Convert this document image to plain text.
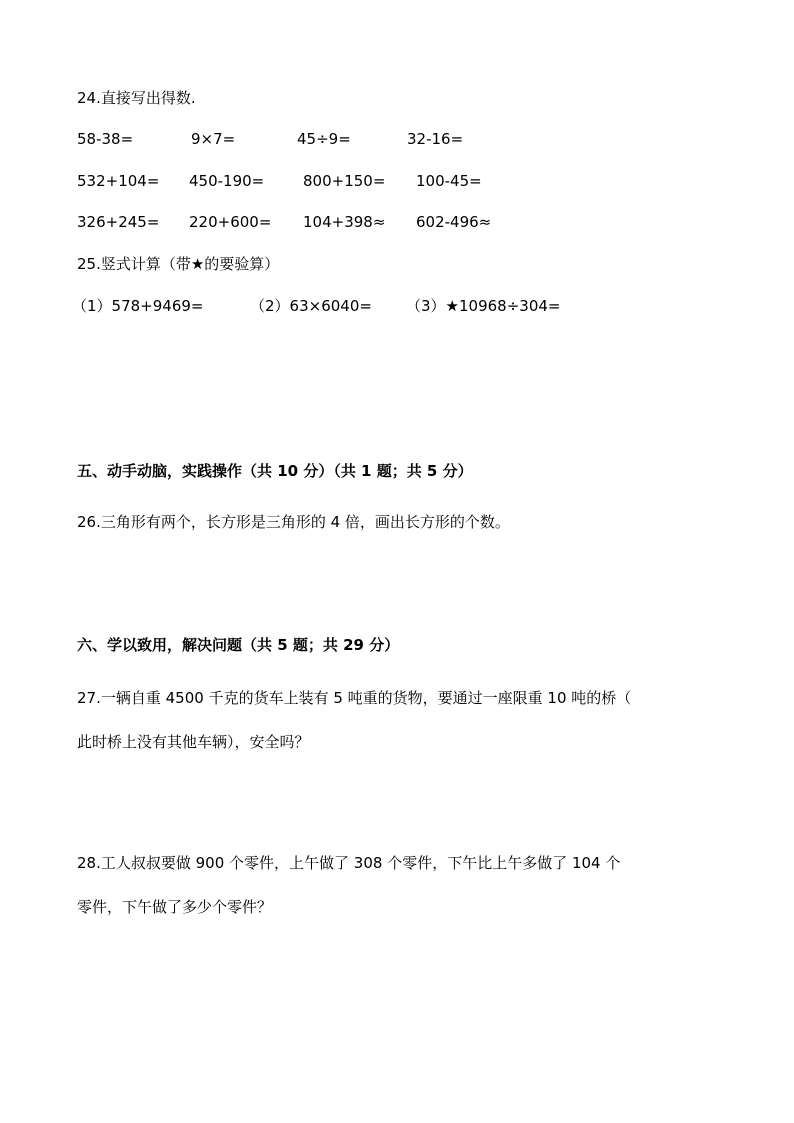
24.直接写出得数.
58-38=	9×7=	45÷9=	32-16=
532+104= 450-190=	800+150= 100-45=
326+245= 220+600= 104+398≈ 602-496≈
25.竖式计算（带★的要验算）
（1）578+9469=	（2）63×6040= （3）★10968÷304=
五、动手动脑，实践操作（共 10 分）（共 1 题；共 5 分）
26.三角形有两个，长方形是三角形的 4 倍，画出长方形的个数。
六、学以致用，解决问题（共 5 题；共 29 分）
27.一辆自重 4500 千克的货车上装有 5 吨重的货物，要通过一座限重 10 吨的桥（
此时桥上没有其他车辆），安全吗？
28.工人叔叔要做 900 个零件，上午做了 308 个零件，下午比上午多做了 104 个
零件，下午做了多少个零件？
